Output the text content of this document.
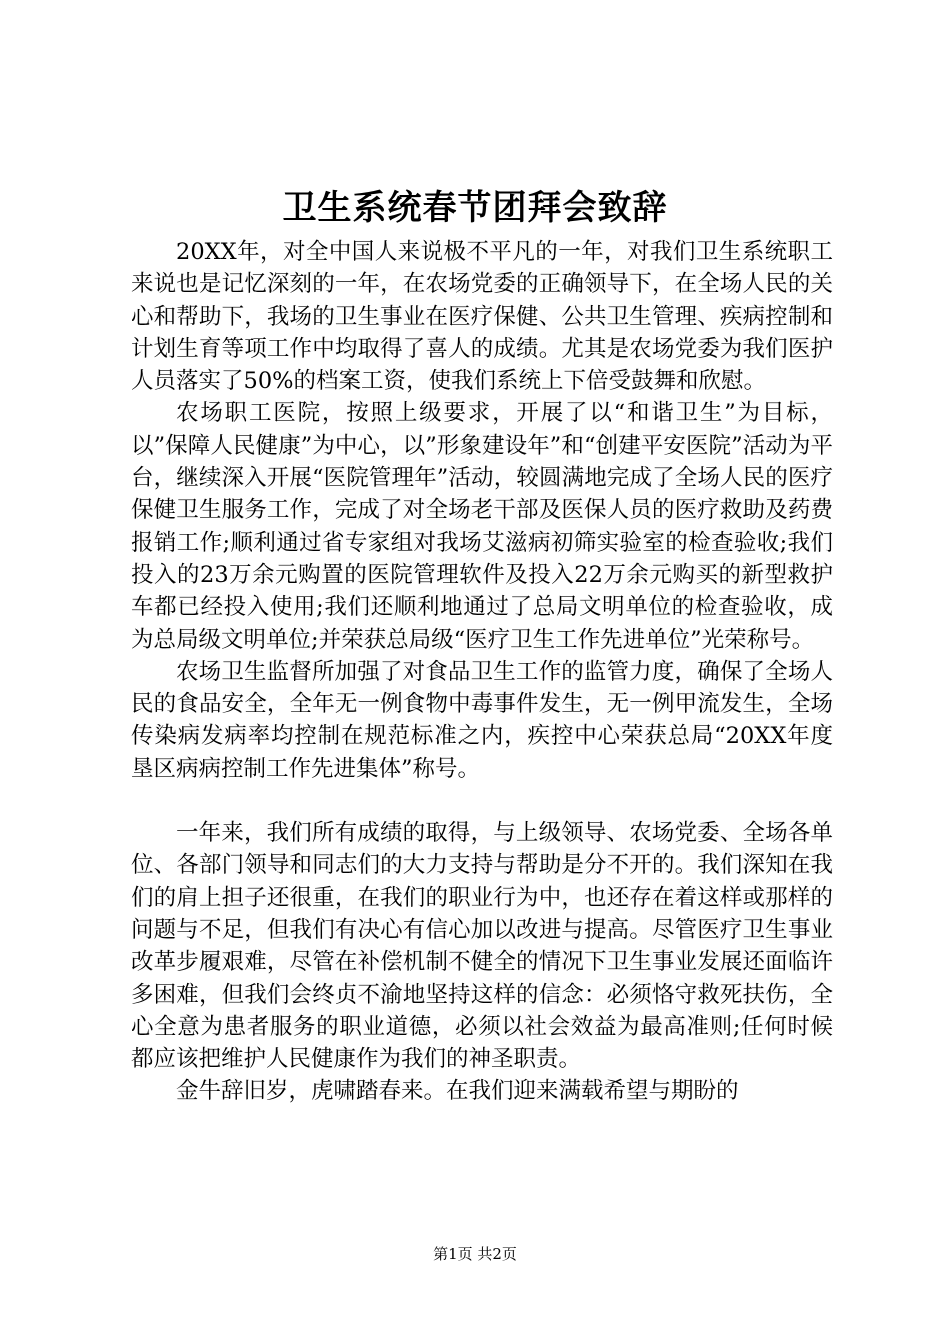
卫生系统春节团拜会致辞

20XX年，对全中国人来说极不平凡的一年，对我们卫生系统职工来说也是记忆深刻的一年，在农场党委的正确领导下，在全场人民的关心和帮助下，我场的卫生事业在医疗保健、公共卫生管理、疾病控制和计划生育等项工作中均取得了喜人的成绩。尤其是农场党委为我们医护人员落实了50%的档案工资，使我们系统上下倍受鼓舞和欣慰。

农场职工医院，按照上级要求，开展了以“和谐卫生”为目标，以”保障人民健康”为中心，以”形象建设年”和“创建平安医院”活动为平台，继续深入开展“医院管理年”活动，较圆满地完成了全场人民的医疗保健卫生服务工作，完成了对全场老干部及医保人员的医疗救助及药费报销工作;顺利通过省专家组对我场艾滋病初筛实验室的检查验收;我们投入的23万余元购置的医院管理软件及投入22万余元购买的新型救护车都已经投入使用;我们还顺利地通过了总局文明单位的检查验收，成为总局级文明单位;并荣获总局级“医疗卫生工作先进单位”光荣称号。

农场卫生监督所加强了对食品卫生工作的监管力度，确保了全场人民的食品安全，全年无一例食物中毒事件发生，无一例甲流发生，全场传染病发病率均控制在规范标准之内，疾控中心荣获总局“20XX年度垦区病病控制工作先进集体”称号。

一年来，我们所有成绩的取得，与上级领导、农场党委、全场各单位、各部门领导和同志们的大力支持与帮助是分不开的。我们深知在我们的肩上担子还很重，在我们的职业行为中，也还存在着这样或那样的问题与不足，但我们有决心有信心加以改进与提高。尽管医疗卫生事业改革步履艰难，尽管在补偿机制不健全的情况下卫生事业发展还面临许多困难，但我们会终贞不渝地坚持这样的信念：必须恪守救死扶伤，全心全意为患者服务的职业道德，必须以社会效益为最高准则;任何时候都应该把维护人民健康作为我们的神圣职责。

金牛辞旧岁，虎啸踏春来。在我们迎来满载希望与期盼的

第1页 共2页
